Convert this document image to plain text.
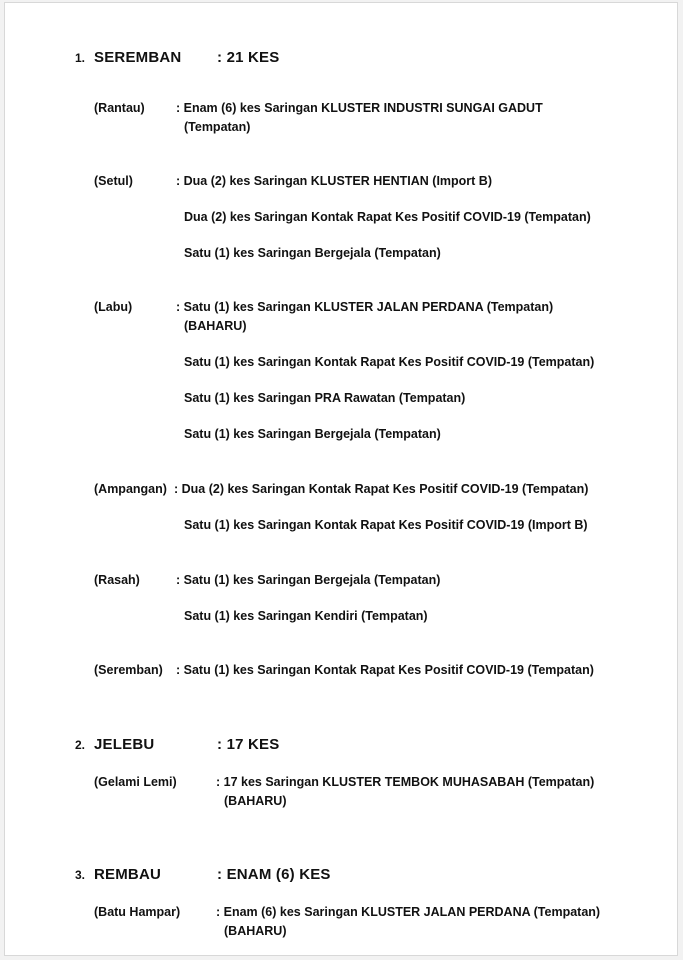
1. SEREMBAN : 21 KES
(Rantau)	: Enam (6) kes Saringan KLUSTER INDUSTRI SUNGAI GADUT
(Tempatan)
(Setul)	: Dua (2) kes Saringan KLUSTER HENTIAN (Import B)
Dua (2) kes Saringan Kontak Rapat Kes Positif COVID-19 (Tempatan)
Satu (1) kes Saringan Bergejala (Tempatan)
(Labu)	: Satu (1) kes Saringan KLUSTER JALAN PERDANA (Tempatan)
(BAHARU)
Satu (1) kes Saringan Kontak Rapat Kes Positif COVID-19 (Tempatan)
Satu (1) kes Saringan PRA Rawatan (Tempatan)
Satu (1) kes Saringan Bergejala (Tempatan)
(Ampangan) : Dua (2) kes Saringan Kontak Rapat Kes Positif COVID-19 (Tempatan)
Satu (1) kes Saringan Kontak Rapat Kes Positif COVID-19 (Import B)
(Rasah)	: Satu (1) kes Saringan Bergejala (Tempatan)
Satu (1) kes Saringan Kendiri (Tempatan)
(Seremban) : Satu (1) kes Saringan Kontak Rapat Kes Positif COVID-19 (Tempatan)
2. JELEBU	: 17 KES
(Gelami Lemi)	: 17 kes Saringan KLUSTER TEMBOK MUHASABAH (Tempatan)
(BAHARU)
3. REMBAU	: ENAM (6) KES
(Batu Hampar)	: Enam (6) kes Saringan KLUSTER JALAN PERDANA (Tempatan)
(BAHARU)
